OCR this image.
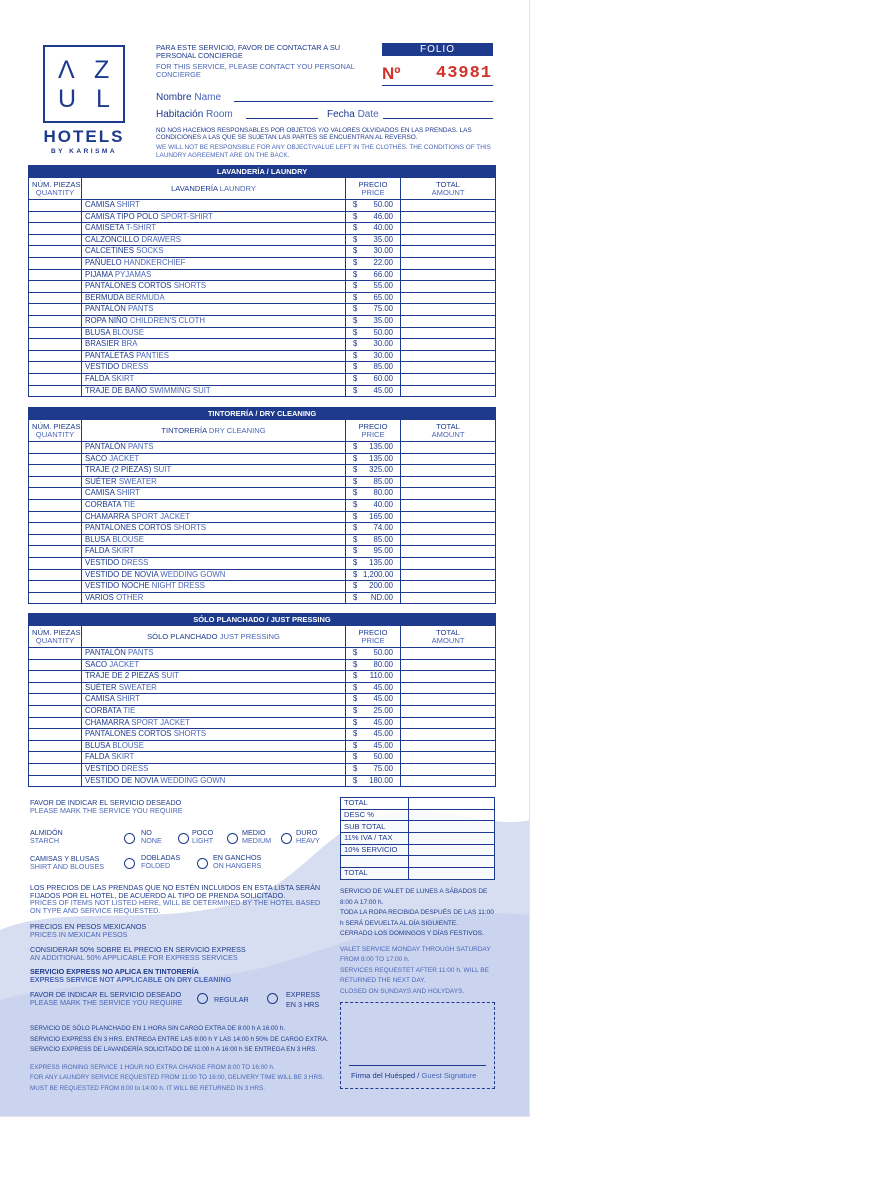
Λ Z
U L
HOTELS
BY KARISMA
PARA ESTE SERVICIO, FAVOR DE CONTACTAR A SU PERSONAL CONCIERGE
FOR THIS SERVICE, PLEASE CONTACT YOU PERSONAL CONCIERGE
FOLIO
Nº 43981
Nombre Name
Habitación Room	Fecha Date
NO NOS HACEMOS RESPONSABLES POR OBJETOS Y/O VALORES OLVIDADOS EN LAS PRENDAS. LAS CONDICIONES A LAS QUE SE SUJETAN LAS PARTES SE ENCUENTRAN AL REVERSO.
WE WILL NOT BE RESPONSIBLE FOR ANY OBJECT/VALUE LEFT IN THE CLOTHES. THE CONDITIONS OF THIS LAUNDRY AGREEMENT ARE ON THE BACK.
LAVANDERÍA / LAUNDRY			
NÚM. PIEZAS
QUANTITY	LAVANDERÍA LAUNDRY	PRECIO
PRICE	TOTAL
AMOUNT

	CAMISA SHIRT	$ 50.00	
	CAMISA TIPO POLO SPORT-SHIRT	$ 46.00	
	CAMISETA T-SHIRT	$ 40.00	
	CALZONCILLO DRAWERS	$ 35.00	
	CALCETINES SOCKS	$ 30.00	
	PAÑUELO HANDKERCHIEF	$ 22.00	
	PIJAMA PYJAMAS	$ 66.00	
	PANTALONES CORTOS SHORTS	$ 55.00	
	BERMUDA BERMUDA	$ 65.00	
	PANTALÓN PANTS	$ 75.00	
	ROPA NIÑO CHILDREN'S CLOTH	$ 35.00	
	BLUSA BLOUSE	$ 50.00	
	BRASIER BRA	$ 30.00	
	PANTALETAS PANTIES	$ 30.00	
	VESTIDO DRESS	$ 85.00	
	FALDA SKIRT	$ 60.00	
	TRAJE DE BAÑO SWIMMING SUIT	$ 45.00	
TINTORERÍA / DRY CLEANING			
NÚM. PIEZAS
QUANTITY	TINTORERÍA DRY CLEANING	PRECIO
PRICE	TOTAL
AMOUNT

	PANTALÓN PANTS	$ 135.00	
	SACO JACKET	$ 135.00	
	TRAJE (2 PIEZAS) SUIT	$ 325.00	
	SUÉTER SWEATER	$ 85.00	
	CAMISA SHIRT	$ 80.00	
	CORBATA TIE	$ 40.00	
	CHAMARRA SPORT JACKET	$ 165.00	
	PANTALONES CORTOS SHORTS	$ 74.00	
	BLUSA BLOUSE	$ 85.00	
	FALDA SKIRT	$ 95.00	
	VESTIDO DRESS	$ 135.00	
	VESTIDO DE NOVIA WEDDING GOWN	$ 1,200.00	
	VESTIDO NOCHE NIGHT DRESS	$ 200.00	
	VARIOS OTHER	$ ND.00	
SÓLO PLANCHADO / JUST PRESSING			
NÚM. PIEZAS
QUANTITY	SÓLO PLANCHADO JUST PRESSING	PRECIO
PRICE	TOTAL
AMOUNT

	PANTALÓN PANTS	$ 50.00	
	SACO JACKET	$ 80.00	
	TRAJE DE 2 PIEZAS SUIT	$ 110.00	
	SUÉTER SWEATER	$ 45.00	
	CAMISA SHIRT	$ 45.00	
	CORBATA TIE	$ 25.00	
	CHAMARRA SPORT JACKET	$ 45.00	
	PANTALONES CORTOS SHORTS	$ 45.00	
	BLUSA BLOUSE	$ 45.00	
	FALDA SKIRT	$ 50.00	
	VESTIDO DRESS	$ 75.00	
	VESTIDO DE NOVIA WEDDING GOWN	$ 180.00	
FAVOR DE INDICAR EL SERVICIO DESEADO
PLEASE MARK THE SERVICE YOU REQUIRE
ALMIDÓN
STARCH
NO
NONE
POCO
LIGHT
MEDIO
MEDIUM
DURO
HEAVY
CAMISAS Y BLUSAS
SHIRT AND BLOUSES
DOBLADAS
FOLDED
EN GANCHOS
ON HANGERS
LOS PRECIOS DE LAS PRENDAS QUE NO ESTÉN INCLUIDOS EN ESTA LISTA SERÁN FIJADOS POR EL HOTEL, DE ACUERDO AL TIPO DE PRENDA SOLICITADO.
PRICES OF ITEMS NOT LISTED HERE, WILL BE DETERMINED BY THE HOTEL BASED ON TYPE AND SERVICE REQUESTED.
PRECIOS EN PESOS MEXICANOS
PRICES IN MEXICAN PESOS
CONSIDERAR 50% SOBRE EL PRECIO EN SERVICIO EXPRESS
AN ADDITIONAL 50% APPLICABLE FOR EXPRESS SERVICES
SERVICIO EXPRESS NO APLICA EN TINTORERÍA
EXPRESS SERVICE NOT APPLICABLE ON DRY CLEANING
FAVOR DE INDICAR EL SERVICIO DESEADO
PLEASE MARK THE SERVICE YOU REQUIRE	REGULAR
EXPRESS
EN 3 HRS
SERVICIO DE SÓLO PLANCHADO EN 1 HORA SIN CARGO EXTRA DE 8:00 h A 16:00 h.
SERVICIO EXPRESS EN 3 HRS. ENTREGA ENTRE LAS 8:00 h Y LAS 14:00 h 50% DE CARGO EXTRA.
SERVICIO EXPRESS DE LAVANDERÍA SOLICITADO DE 11:00 h A 16:00 h SE ENTREGA EN 3 HRS.
EXPRESS IRONING SERVICE 1 HOUR NO EXTRA CHARGE FROM 8:00 TO 16:00 h.
FOR ANY LAUNDRY SERVICE REQUESTED FROM 11:00 TO 16:00, DELIVERY TIME WILL BE 3 HRS.
MUST BE REQUESTED FROM 8:00 to 14:00 h. IT WILL BE RETURNED IN 3 HRS.
TOTAL	
DESC %	
SUB TOTAL	
11% IVA / TAX	
10% SERVICIO	

TOTAL	
SERVICIO DE VALET DE LUNES A SÁBADOS DE 8:00 A 17:00 h.
TODA LA ROPA RECIBIDA DESPUÉS DE LAS 11:00 h SERÁ DEVUELTA AL DÍA SIGUIENTE.
CERRADO LOS DOMINGOS Y DÍAS FESTIVOS.
VALET SERVICE MONDAY THROUGH SATURDAY FROM 8:00 TO 17:00 h.
SERVICES REQUESTET AFTER 11:00 h. WILL BE RETURNED THE NEXT DAY.
CLOSED ON SUNDAYS AND HOLYDAYS.
Firma del Huésped / Guest Signature
